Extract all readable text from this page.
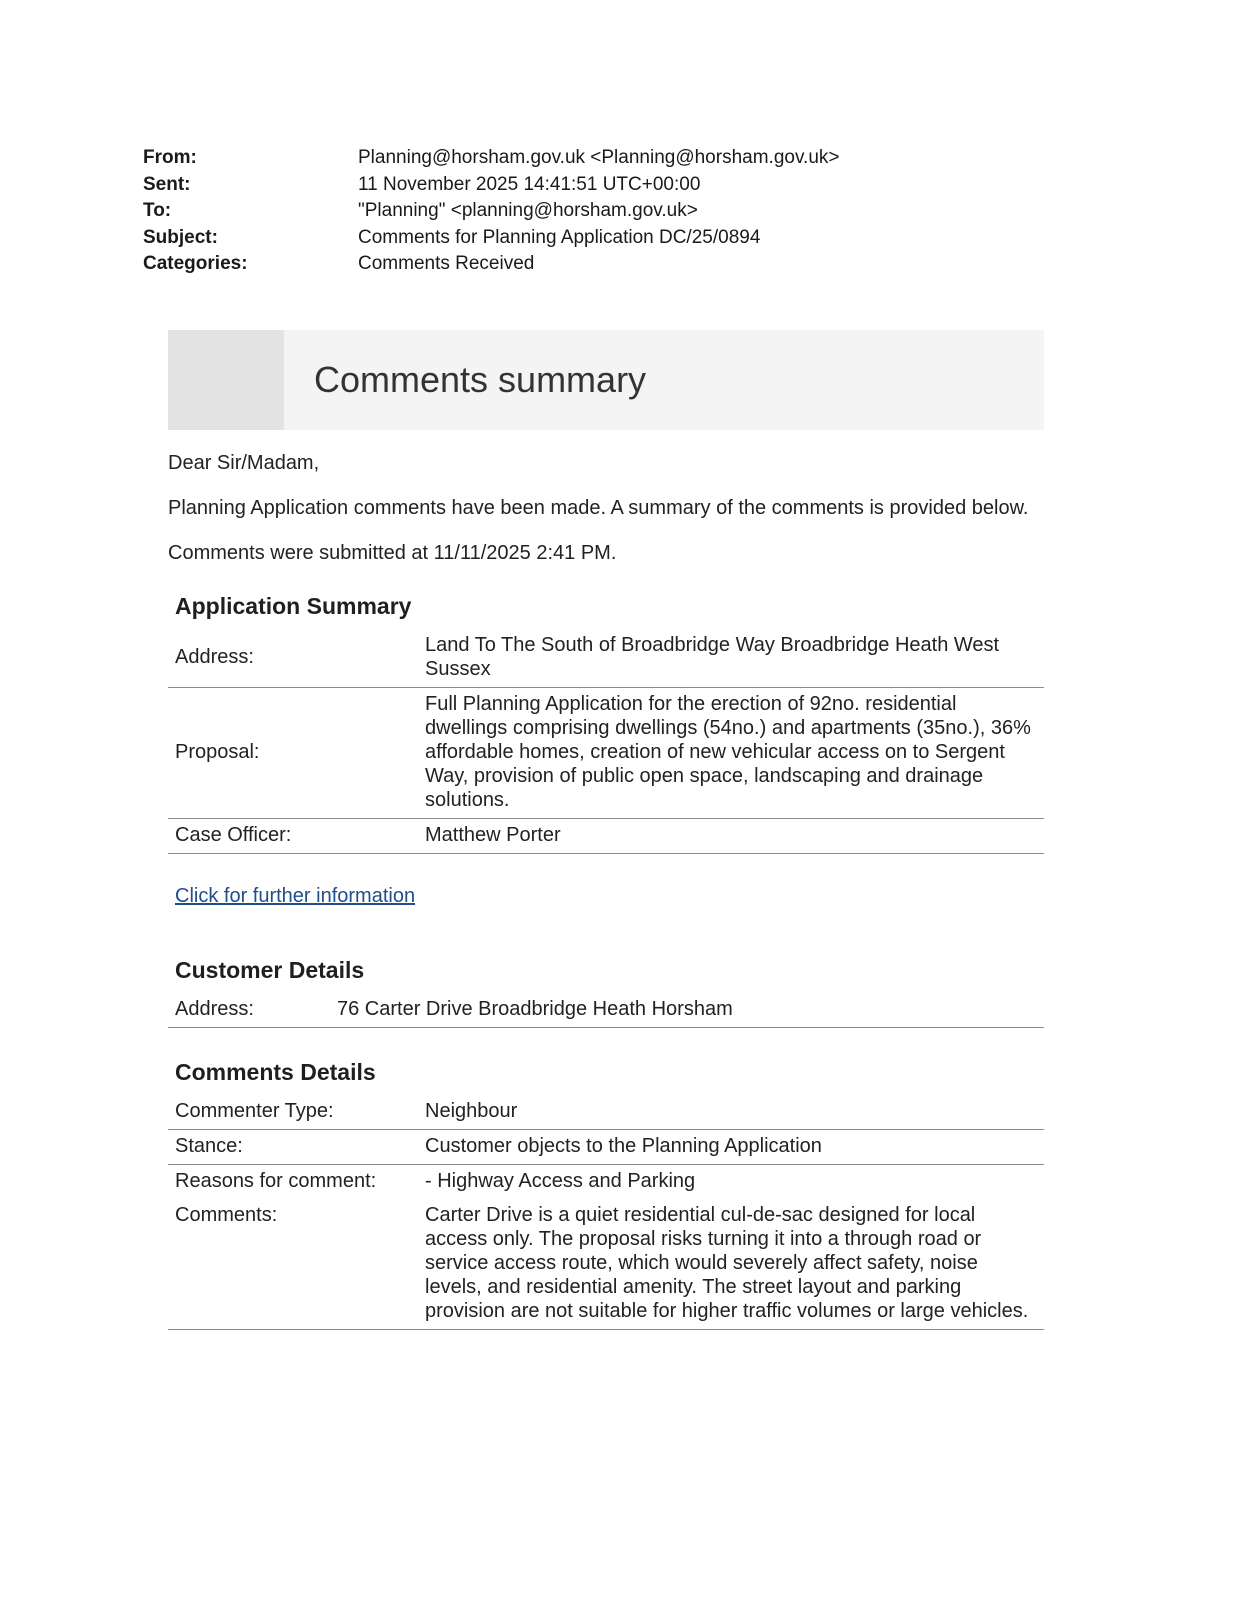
From:	Planning@horsham.gov.uk <Planning@horsham.gov.uk>
Sent:	11 November 2025 14:41:51 UTC+00:00
To:	"Planning" <planning@horsham.gov.uk>
Subject:	Comments for Planning Application DC/25/0894
Categories:	Comments Received
Comments summary

Dear Sir/Madam,

Planning Application comments have been made. A summary of the comments is provided below.

Comments were submitted at 11/11/2025 2:41 PM.

Application Summary
Address:	Land To The South of Broadbridge Way Broadbridge Heath West Sussex
Proposal:	Full Planning Application for the erection of 92no. residential dwellings comprising dwellings (54no.) and apartments (35no.), 36% affordable homes, creation of new vehicular access on to Sergent Way, provision of public open space, landscaping and drainage solutions.
Case Officer:	Matthew Porter
Click for further information
Customer Details
Address:	76 Carter Drive Broadbridge Heath Horsham
Comments Details
Commenter Type:	Neighbour
Stance:	Customer objects to the Planning Application
Reasons for comment:	- Highway Access and Parking
Comments:	Carter Drive is a quiet residential cul-de-sac designed for local access only. The proposal risks turning it into a through road or service access route, which would severely affect safety, noise levels, and residential amenity. The street layout and parking provision are not suitable for higher traffic volumes or large vehicles.
